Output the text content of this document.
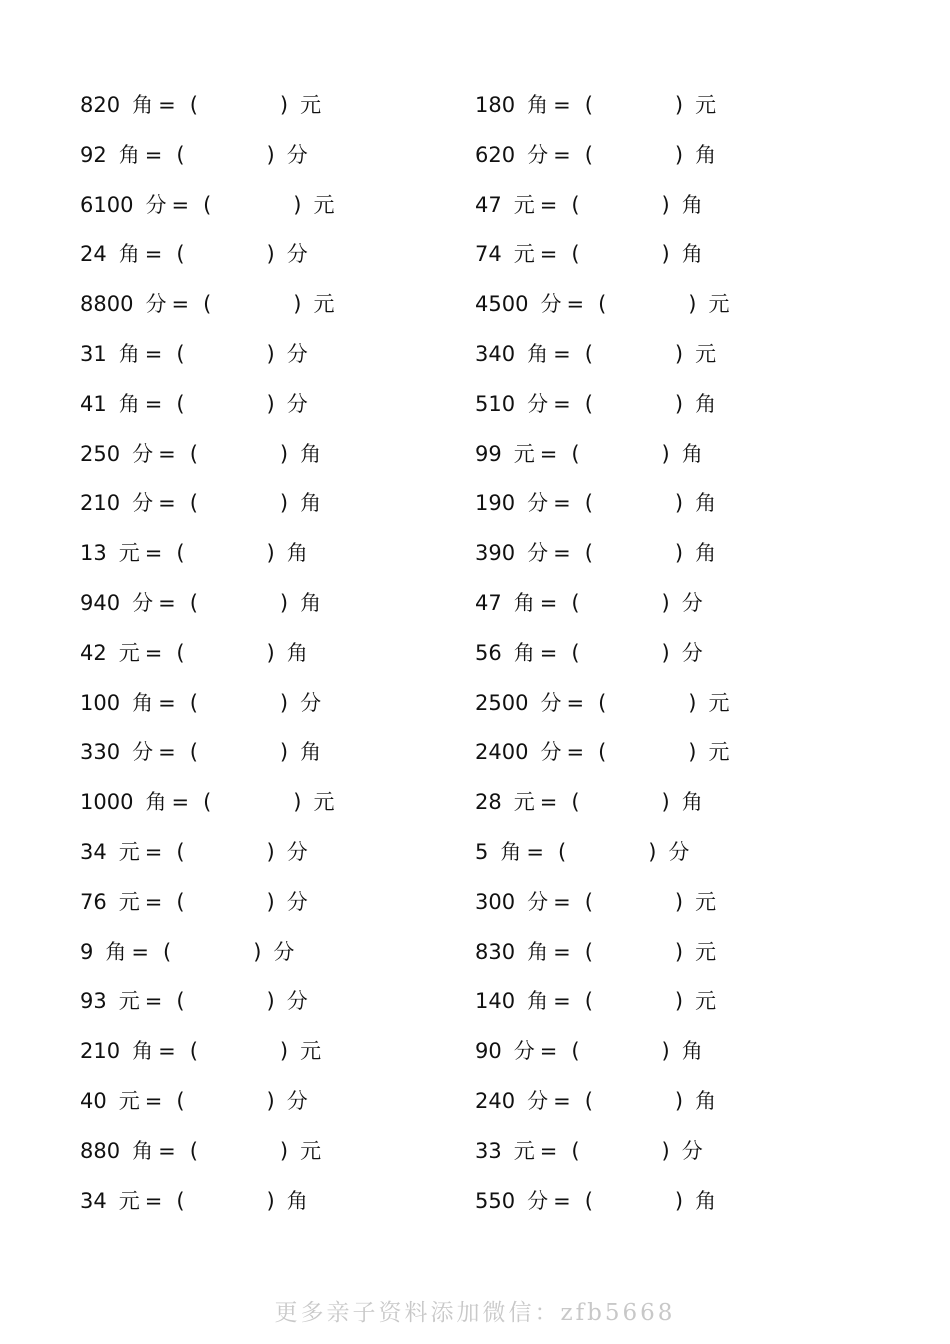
820 角 = (	) 元
92 角 = (	) 分
6100 分 = (	) 元
24 角 = (	) 分
8800 分 = (	) 元
31 角 = (	) 分
41 角 = (	) 分
250 分 = (	) 角
210 分 = (	) 角
13 元 = (	) 角
940 分 = (	) 角
42 元 = (	) 角
100 角 = (	) 分
330 分 = (	) 角
1000 角 = (	) 元
34 元 = (	) 分
76 元 = (	) 分
9 角 = (	) 分
93 元 = (	) 分
210 角 = (	) 元
40 元 = (	) 分
880 角 = (	) 元
34 元 = (	) 角
180 角 = (	) 元
620 分 = (	) 角
47 元 = (	) 角
74 元 = (	) 角
4500 分 = (	) 元
340 角 = (	) 元
510 分 = (	) 角
99 元 = (	) 角
190 分 = (	) 角
390 分 = (	) 角
47 角 = (	) 分
56 角 = (	) 分
2500 分 = (	) 元
2400 分 = (	) 元
28 元 = (	) 角
5 角 = (	) 分
300 分 = (	) 元
830 角 = (	) 元
140 角 = (	) 元
90 分 = (	) 角
240 分 = (	) 角
33 元 = (	) 分
550 分 = (	) 角
更多亲子资料添加微信：zfb5668
